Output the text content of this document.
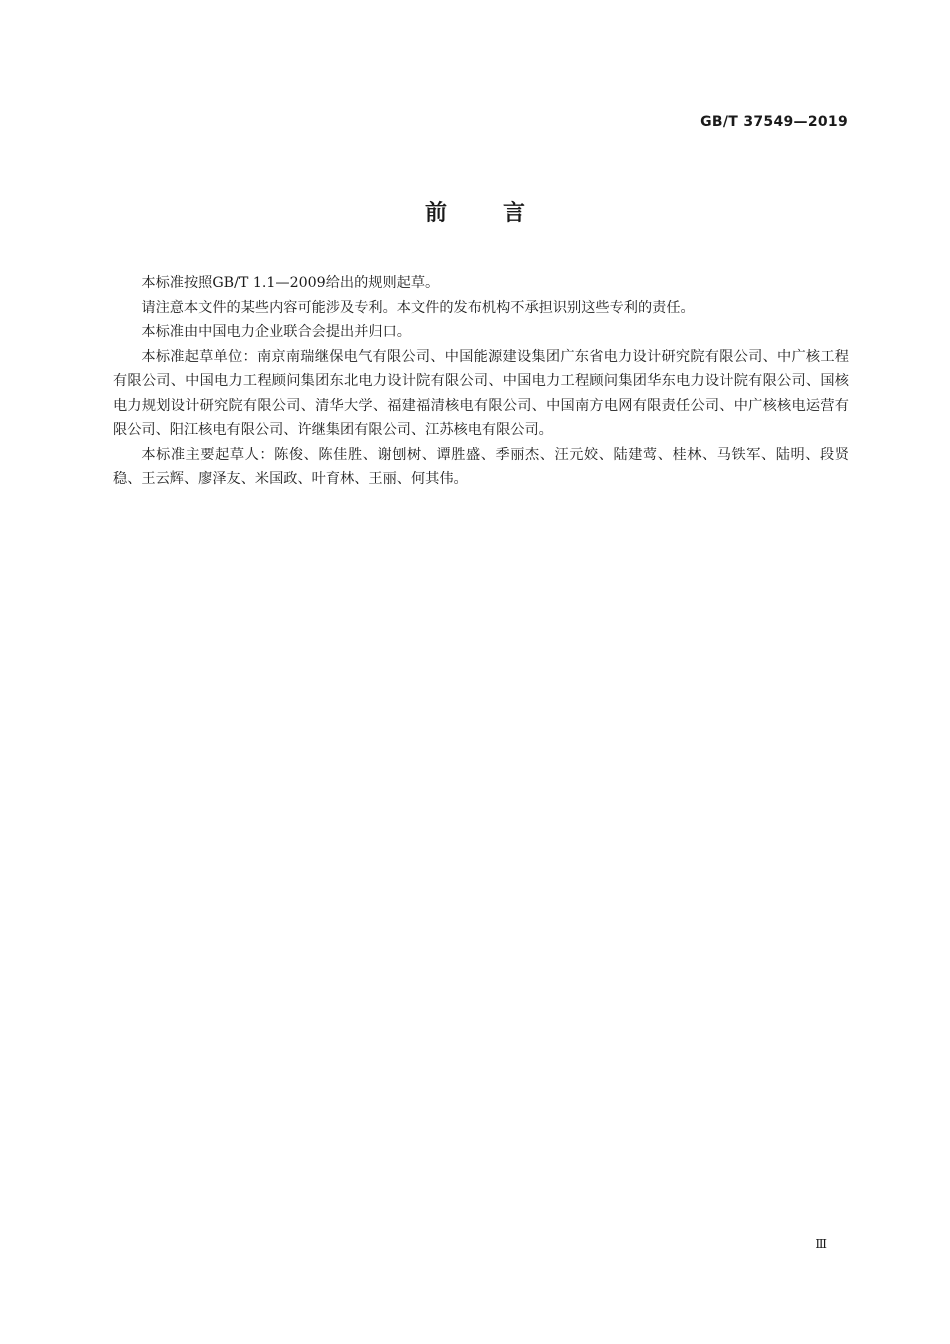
GB/T 37549—2019
前言

本标准按照GB/T 1.1—2009给出的规则起草。

请注意本文件的某些内容可能涉及专利。本文件的发布机构不承担识别这些专利的责任。

本标准由中国电力企业联合会提出并归口。

本标准起草单位：南京南瑞继保电气有限公司、中国能源建设集团广东省电力设计研究院有限公司、中广核工程有限公司、中国电力工程顾问集团东北电力设计院有限公司、中国电力工程顾问集团华东电力设计院有限公司、国核电力规划设计研究院有限公司、清华大学、福建福清核电有限公司、中国南方电网有限责任公司、中广核核电运营有限公司、阳江核电有限公司、许继集团有限公司、江苏核电有限公司。

本标准主要起草人：陈俊、陈佳胜、谢刨树、谭胜盛、季丽杰、汪元姣、陆建莺、桂林、马铁军、陆明、段贤稳、王云辉、廖泽友、米国政、叶育林、王丽、何其伟。

Ⅲ
